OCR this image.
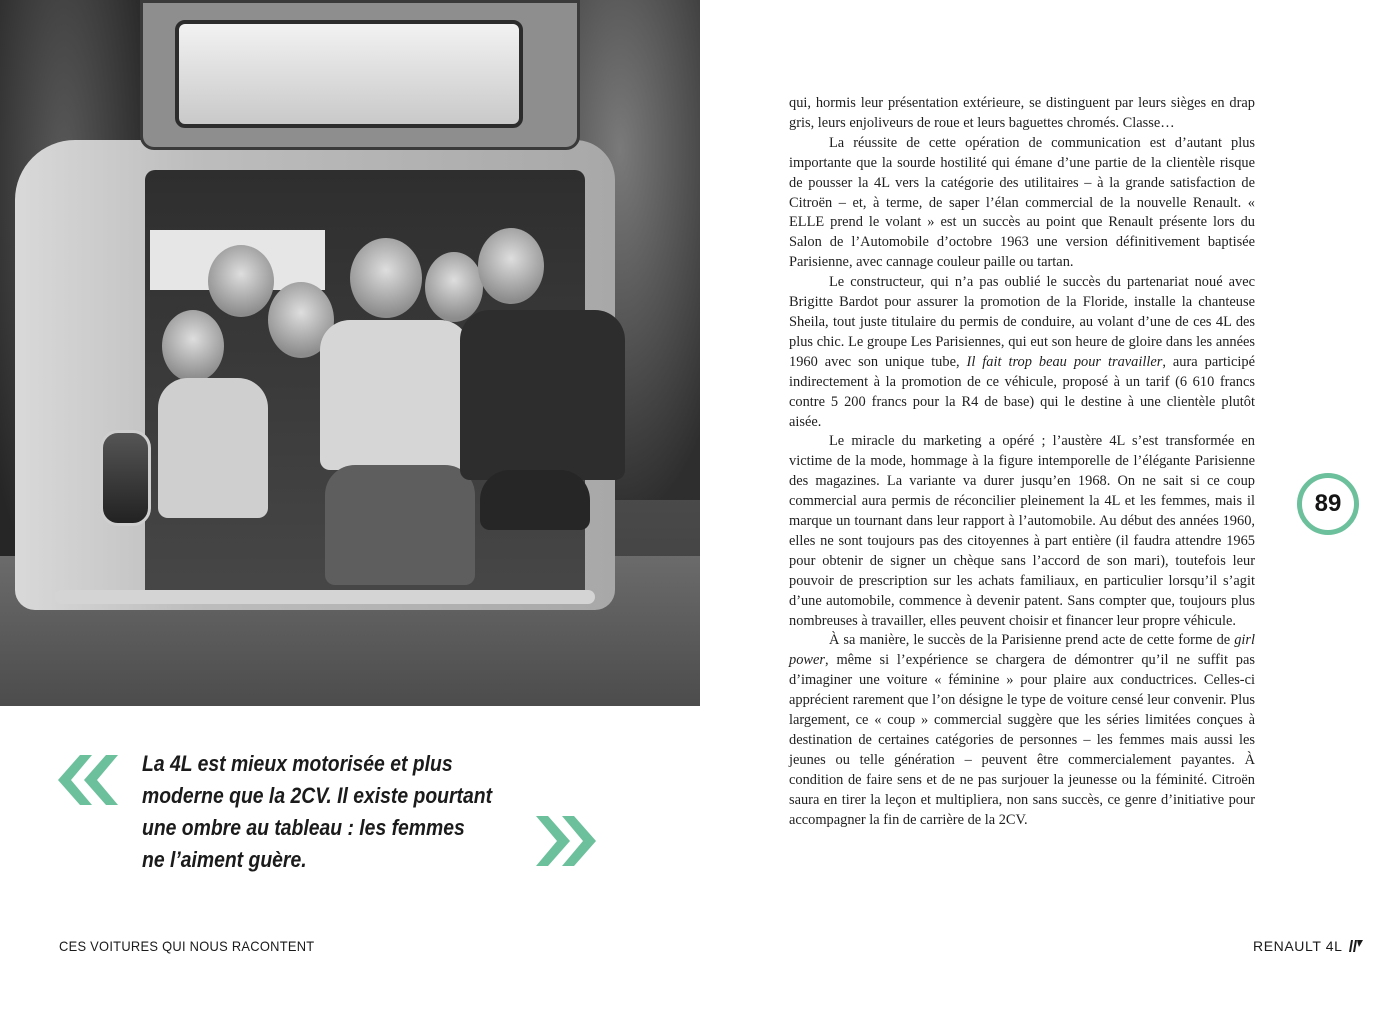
La 4L est mieux motorisée et plus
moderne que la 2CV. Il existe pourtant
une ombre au tableau : les femmes
ne l’aiment guère.

qui, hormis leur présentation extérieure, se distinguent par leurs sièges en drap gris, leurs enjoliveurs de roue et leurs baguettes chromés. Classe…

La réussite de cette opération de communication est d’autant plus importante que la sourde hostilité qui émane d’une partie de la clientèle risque de pousser la 4L vers la catégorie des utilitaires – à la grande satisfaction de Citroën – et, à terme, de saper l’élan commercial de la nouvelle Renault. « ELLE prend le volant » est un succès au point que Renault présente lors du Salon de l’Automobile d’octobre 1963 une version définitivement baptisée Parisienne, avec cannage couleur paille ou tartan.

Le constructeur, qui n’a pas oublié le succès du partenariat noué avec Brigitte Bardot pour assurer la promotion de la Floride, installe la chanteuse Sheila, tout juste titulaire du permis de conduire, au volant d’une de ces 4L des plus chic. Le groupe Les Parisiennes, qui eut son heure de gloire dans les années 1960 avec son unique tube, Il fait trop beau pour travailler, aura participé indirectement à la promotion de ce véhicule, proposé à un tarif (6 610 francs contre 5 200 francs pour la R4 de base) qui le destine à une clientèle plutôt aisée.

Le miracle du marketing a opéré ; l’austère 4L s’est transformée en victime de la mode, hommage à la figure intemporelle de l’élégante Parisienne des magazines. La variante va durer jusqu’en 1968. On ne sait si ce coup commercial aura permis de réconcilier pleinement la 4L et les femmes, mais il marque un tournant dans leur rapport à l’automobile. Au début des années 1960, elles ne sont toujours pas des citoyennes à part entière (il faudra attendre 1965 pour obtenir de signer un chèque sans l’accord de son mari), toutefois leur pouvoir de prescription sur les achats familiaux, en particulier lorsqu’il s’agit d’une automobile, commence à devenir patent. Sans compter que, toujours plus nombreuses à travailler, elles peuvent choisir et financer leur propre véhicule.

À sa manière, le succès de la Parisienne prend acte de cette forme de girl power, même si l’expérience se chargera de démontrer qu’il ne suffit pas d’imaginer une voiture « féminine » pour plaire aux conductrices. Celles-ci apprécient rarement que l’on désigne le type de voiture censé leur convenir. Plus largement, ce « coup » commercial suggère que les séries limitées conçues à destination de certaines catégories de personnes – les femmes mais aussi les jeunes ou telle génération – peuvent être commercialement payantes. À condition de faire sens et de ne pas surjouer la jeunesse ou la féminité. Citroën saura en tirer la leçon et multipliera, non sans succès, ce genre d’initiative pour accompagner la fin de carrière de la 2CV.

89
CES VOITURES QUI NOUS RACONTENT	RENAULT 4L
